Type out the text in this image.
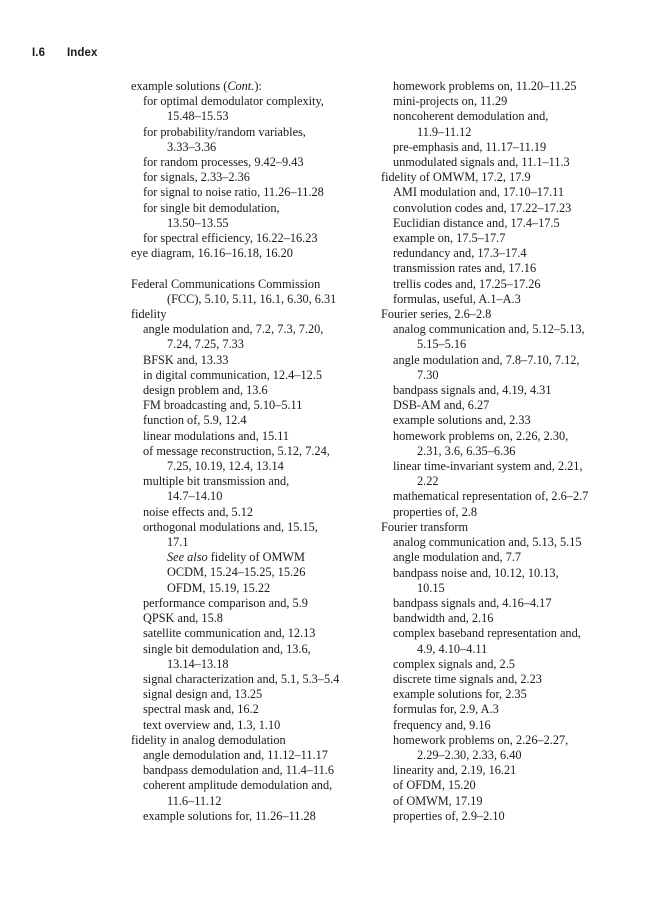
I.6 Index
example solutions (Cont.):
for optimal demodulator complexity,
15.48–15.53
for probability/random variables,
3.33–3.36
for random processes, 9.42–9.43
for signals, 2.33–2.36
for signal to noise ratio, 11.26–11.28
for single bit demodulation,
13.50–13.55
for spectral efficiency, 16.22–16.23
eye diagram, 16.16–16.18, 16.20
Federal Communications Commission
(FCC), 5.10, 5.11, 16.1, 6.30, 6.31
fidelity
angle modulation and, 7.2, 7.3, 7.20,
7.24, 7.25, 7.33
BFSK and, 13.33
in digital communication, 12.4–12.5
design problem and, 13.6
FM broadcasting and, 5.10–5.11
function of, 5.9, 12.4
linear modulations and, 15.11
of message reconstruction, 5.12, 7.24,
7.25, 10.19, 12.4, 13.14
multiple bit transmission and,
14.7–14.10
noise effects and, 5.12
orthogonal modulations and, 15.15,
17.1
See also fidelity of OMWM
OCDM, 15.24–15.25, 15.26
OFDM, 15.19, 15.22
performance comparison and, 5.9
QPSK and, 15.8
satellite communication and, 12.13
single bit demodulation and, 13.6,
13.14–13.18
signal characterization and, 5.1, 5.3–5.4
signal design and, 13.25
spectral mask and, 16.2
text overview and, 1.3, 1.10
fidelity in analog demodulation
angle demodulation and, 11.12–11.17
bandpass demodulation and, 11.4–11.6
coherent amplitude demodulation and,
11.6–11.12
example solutions for, 11.26–11.28
homework problems on, 11.20–11.25
mini-projects on, 11.29
noncoherent demodulation and,
11.9–11.12
pre-emphasis and, 11.17–11.19
unmodulated signals and, 11.1–11.3
fidelity of OMWM, 17.2, 17.9
AMI modulation and, 17.10–17.11
convolution codes and, 17.22–17.23
Euclidian distance and, 17.4–17.5
example on, 17.5–17.7
redundancy and, 17.3–17.4
transmission rates and, 17.16
trellis codes and, 17.25–17.26
formulas, useful, A.1–A.3
Fourier series, 2.6–2.8
analog communication and, 5.12–5.13,
5.15–5.16
angle modulation and, 7.8–7.10, 7.12,
7.30
bandpass signals and, 4.19, 4.31
DSB-AM and, 6.27
example solutions and, 2.33
homework problems on, 2.26, 2.30,
2.31, 3.6, 6.35–6.36
linear time-invariant system and, 2.21,
2.22
mathematical representation of, 2.6–2.7
properties of, 2.8
Fourier transform
analog communication and, 5.13, 5.15
angle modulation and, 7.7
bandpass noise and, 10.12, 10.13,
10.15
bandpass signals and, 4.16–4.17
bandwidth and, 2.16
complex baseband representation and,
4.9, 4.10–4.11
complex signals and, 2.5
discrete time signals and, 2.23
example solutions for, 2.35
formulas for, 2.9, A.3
frequency and, 9.16
homework problems on, 2.26–2.27,
2.29–2.30, 2.33, 6.40
linearity and, 2.19, 16.21
of OFDM, 15.20
of OMWM, 17.19
properties of, 2.9–2.10
